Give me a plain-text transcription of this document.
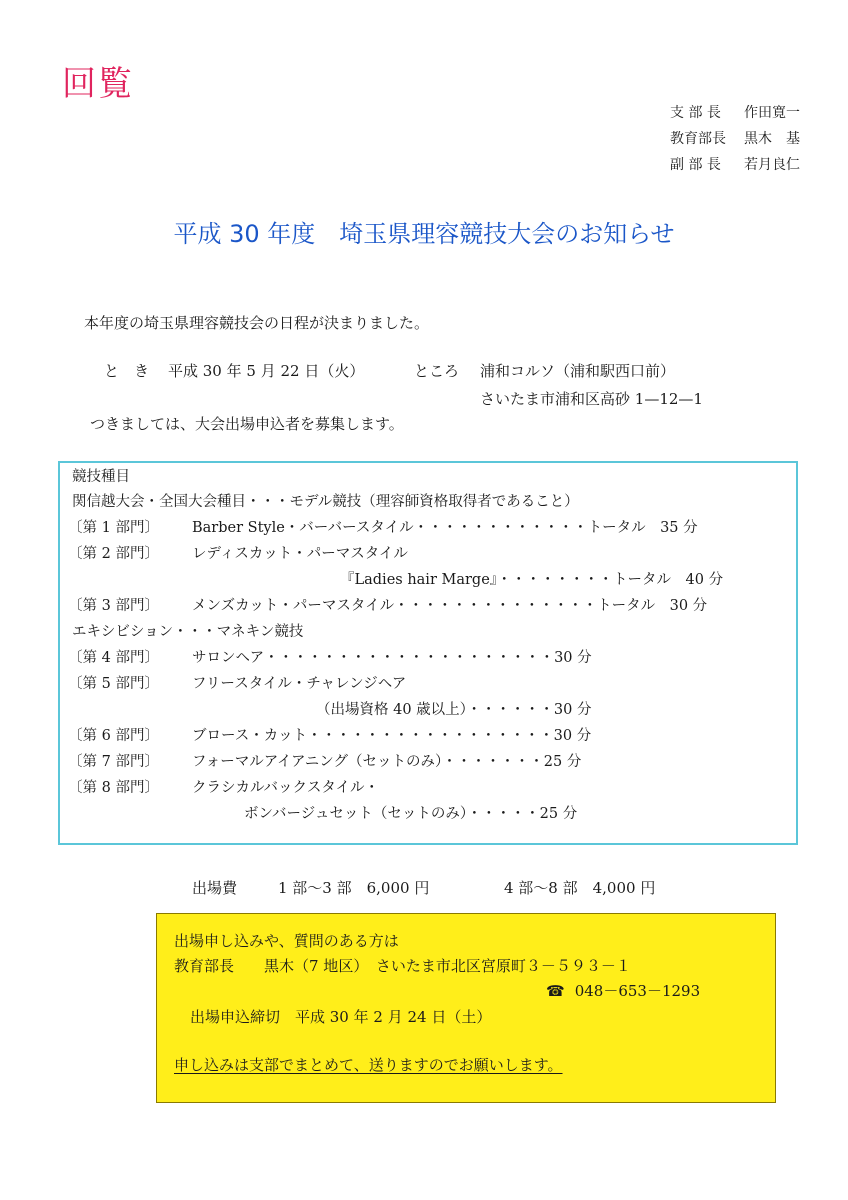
回覧
支 部 長 作田寛一
教育部長 黒木　基
副 部 長 若月良仁
平成 30 年度　埼玉県理容競技大会のお知らせ
本年度の埼玉県理容競技会の日程が決まりました。
と　き 平成 30 年 5 月 22 日（火）	ところ 浦和コルソ（浦和駅西口前）
さいたま市浦和区高砂 1—12—1
つきましては、大会出場申込者を募集します。
競技種目
関信越大会・全国大会種目・・・モデル競技（理容師資格取得者であること）
〔第 1 部門〕 Barber Style・バーバースタイル・・・・・・・・・・・・トータル　35 分
〔第 2 部門〕 レディスカット・パーマスタイル
『Ladies hair Marge』・・・・・・・・トータル　40 分
〔第 3 部門〕 メンズカット・パーマスタイル・・・・・・・・・・・・・・トータル　30 分
エキシビション・・・マネキン競技
〔第 4 部門〕 サロンヘア・・・・・・・・・・・・・・・・・・・・30 分
〔第 5 部門〕 フリースタイル・チャレンジヘア
（出場資格 40 歳以上）・・・・・・30 分
〔第 6 部門〕 ブロース・カット・・・・・・・・・・・・・・・・・30 分
〔第 7 部門〕 フォーマルアイアニング（セットのみ）・・・・・・・25 分
〔第 8 部門〕 クラシカルバックスタイル・
ボンバージュセット（セットのみ）・・・・・25 分
出場費	1 部～3 部　6,000 円	4 部～8 部　4,000 円
出場申し込みや、質問のある方は
教育部長　　黒木（7 地区）　さいたま市北区宮原町３－５９３－１
☎ 048－653－1293
出場申込締切　平成 30 年 2 月 24 日（土）
申し込みは支部でまとめて、送りますのでお願いします。
